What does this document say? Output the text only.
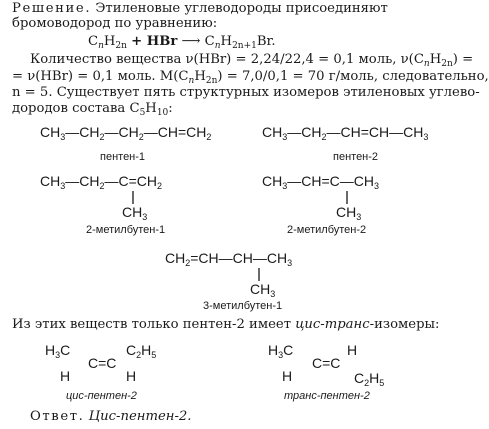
Решение. Этиленовые углеводороды присоединяют бромоводород по уравнению:
$C_nH_{2n}$ + HBr ⟶ $C_nH_{2n+1}Br$.
Количество вещества ν(HBr) = 2,24/22,4 = 0,1 моль, $\nu(C_nH_{2n})$ =
= ν(HBr) = 0,1 моль. $M(C_nH_{2n}) = 7,0/0,1 = 70$ г/моль, следовательно,
n = 5. Существует пять структурных изомеров этиленовых углево-
дородов состава $C_5H_{10}$:
$CH_3—CH_2—CH_2—CH=CH_2$
пентен-1
$CH_3—CH_2—CH=CH—CH_3$
пентен-2
$CH_3—CH_2—C=CH_2$
$CH_3$
2-метилбутен-1
$CH_3—CH=C—CH_3$
$CH_3$
2-метилбутен-2
$CH_2=CH—CH—CH_3$
$CH_3$
3-метилбутен-1
Из этих веществ только пентен-2 имеет цис-транс-изомеры:
$H_3C$
C=C
$C_2H_5$
H	H
цис-пентен-2
$H_3C$
C=C
H
H	$C_2H_5$
транс-пентен-2
Ответ. Цис-пентен-2.
